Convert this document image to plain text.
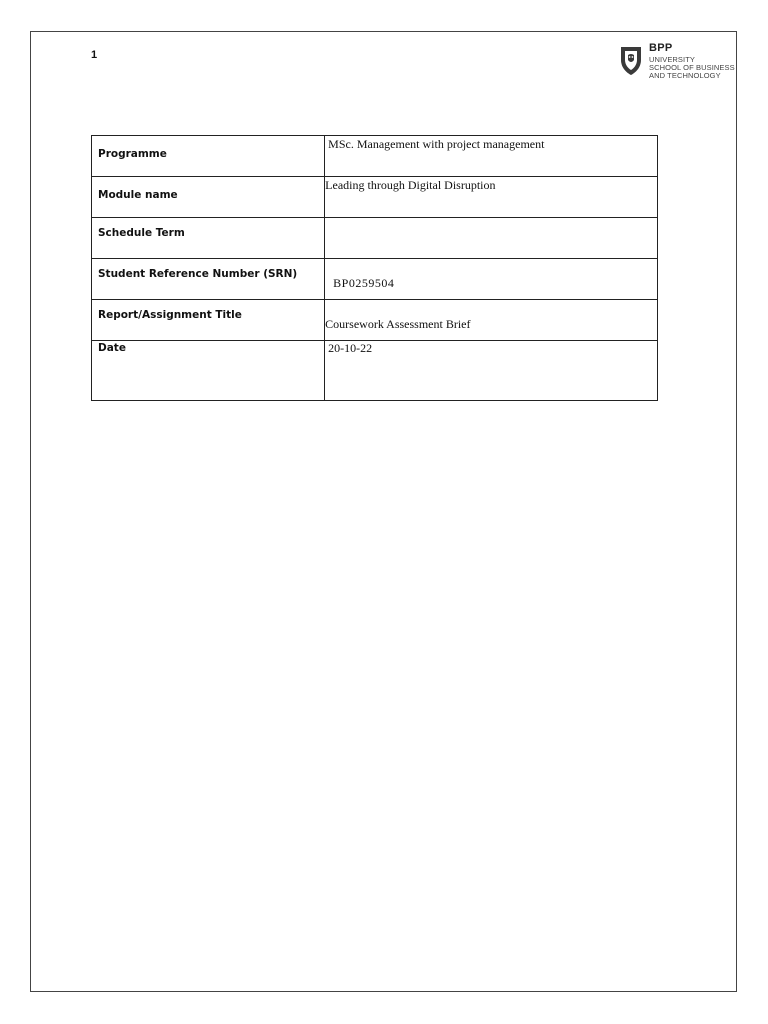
1
BPP
UNIVERSITY
SCHOOL OF BUSINESS
AND TECHNOLOGY
Programme	MSc. Management with project management

Module name	Leading through Digital Disruption

Schedule Term	

Student Reference Number (SRN)	BP0259504

Report/Assignment Title	Coursework Assessment Brief

Date	20-10-22
